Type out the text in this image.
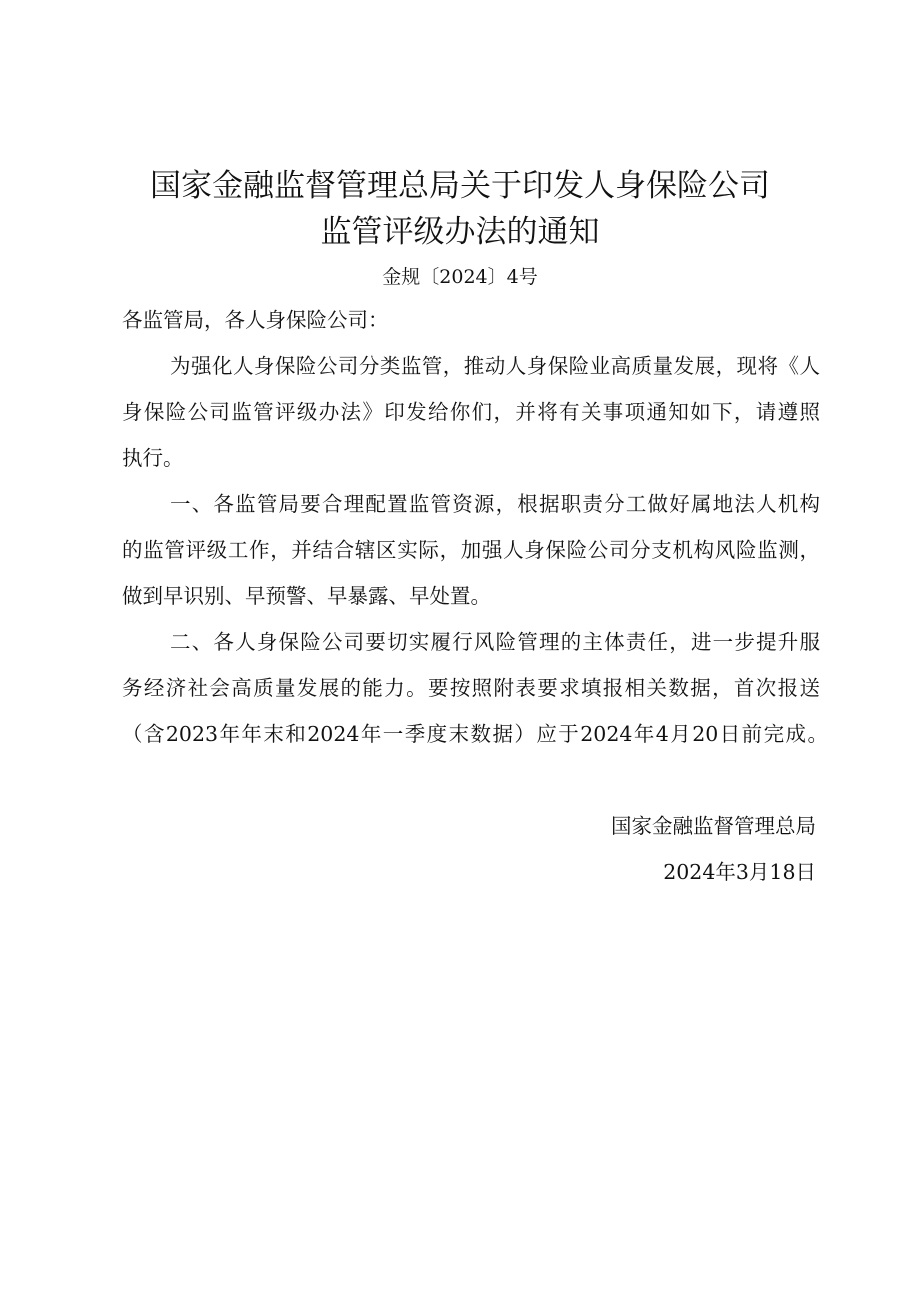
国家金融监督管理总局关于印发人身保险公司
监管评级办法的通知
金规〔2024〕4号
各监管局，各人身保险公司：
为强化人身保险公司分类监管，推动人身保险业高质量发展，现将《人
身保险公司监管评级办法》印发给你们，并将有关事项通知如下，请遵照
执行。
一、各监管局要合理配置监管资源，根据职责分工做好属地法人机构
的监管评级工作，并结合辖区实际，加强人身保险公司分支机构风险监测，
做到早识别、早预警、早暴露、早处置。
二、各人身保险公司要切实履行风险管理的主体责任，进一步提升服
务经济社会高质量发展的能力。要按照附表要求填报相关数据，首次报送
（含2023年年末和2024年一季度末数据）应于2024年4月20日前完成。
国家金融监督管理总局
2024年3月18日
